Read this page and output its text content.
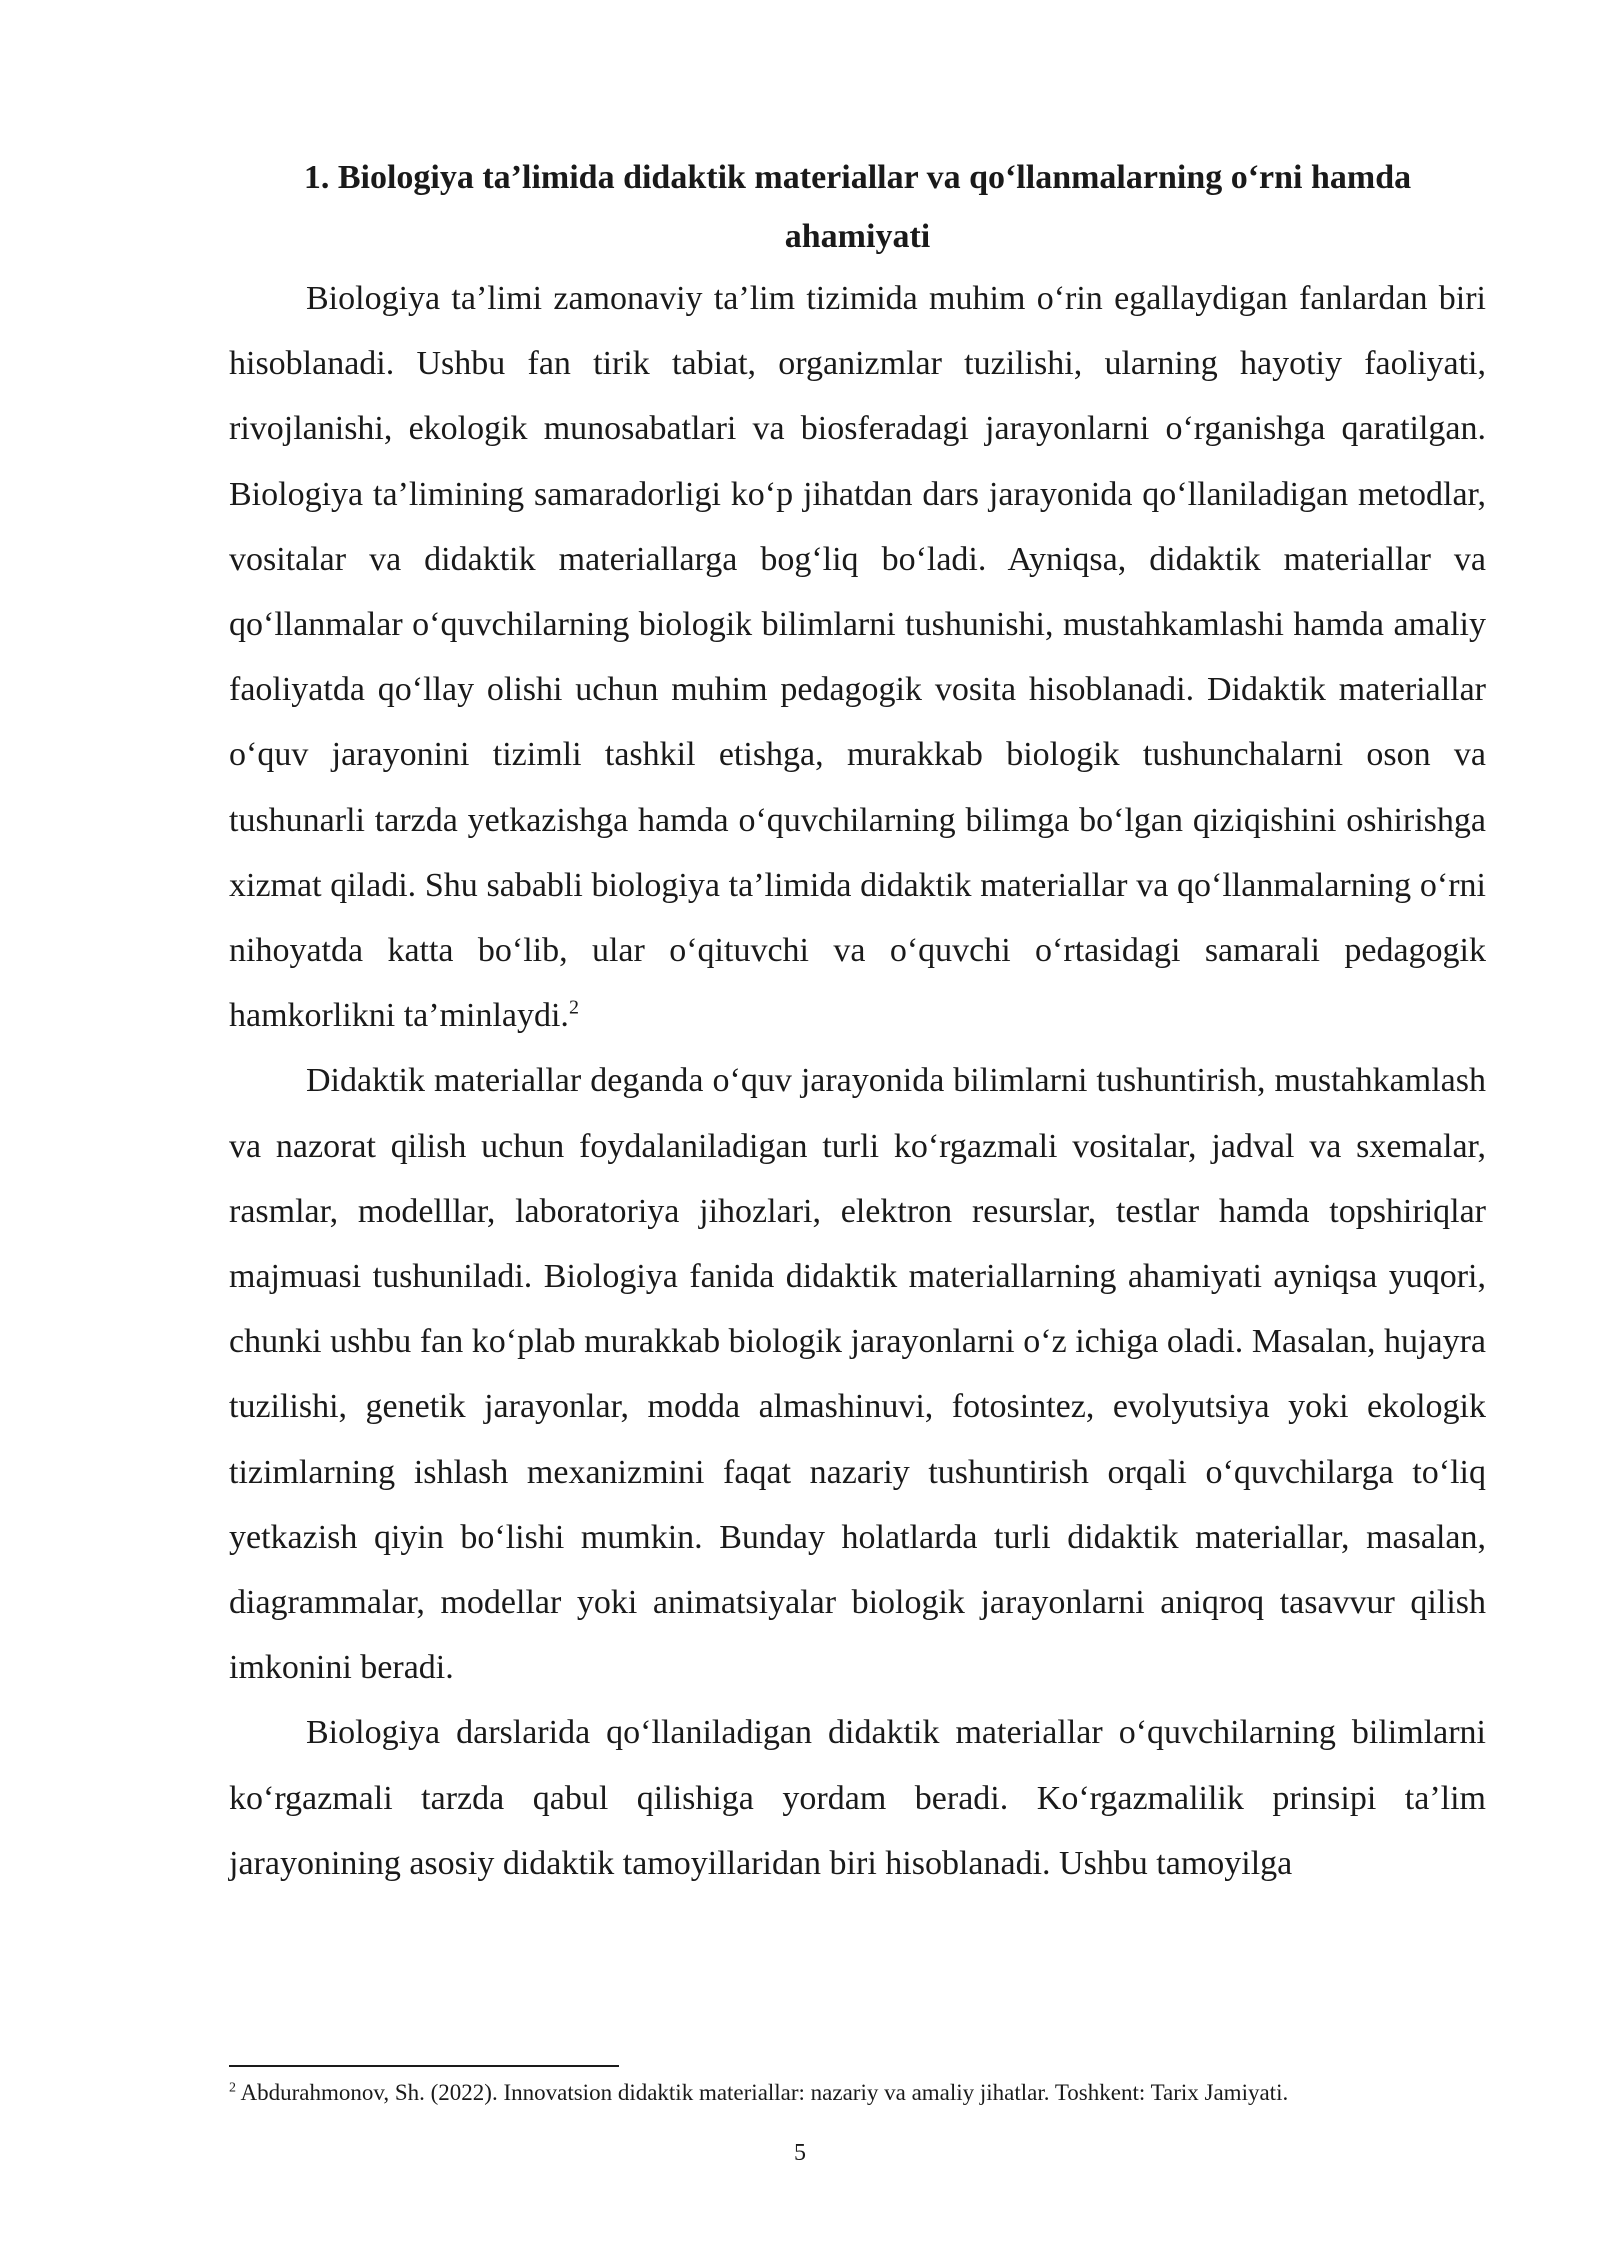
1. Biologiya ta’limida didaktik materiallar va qo‘llanmalarning o‘rni hamda
ahamiyati

Biologiya ta’limi zamonaviy ta’lim tizimida muhim o‘rin egallaydigan fanlardan biri hisoblanadi. Ushbu fan tirik tabiat, organizmlar tuzilishi, ularning hayotiy faoliyati, rivojlanishi, ekologik munosabatlari va biosferadagi jarayonlarni o‘rganishga qaratilgan. Biologiya ta’limining samaradorligi ko‘p jihatdan dars jarayonida qo‘llaniladigan metodlar, vositalar va didaktik materiallarga bog‘liq bo‘ladi. Ayniqsa, didaktik materiallar va qo‘llanmalar o‘quvchilarning biologik bilimlarni tushunishi, mustahkamlashi hamda amaliy faoliyatda qo‘llay olishi uchun muhim pedagogik vosita hisoblanadi. Didaktik materiallar o‘quv jarayonini tizimli tashkil etishga, murakkab biologik tushunchalarni oson va tushunarli tarzda yetkazishga hamda o‘quvchilarning bilimga bo‘lgan qiziqishini oshirishga xizmat qiladi. Shu sababli biologiya ta’limida didaktik materiallar va qo‘llanmalarning o‘rni nihoyatda katta bo‘lib, ular o‘qituvchi va o‘quvchi o‘rtasidagi samarali pedagogik hamkorlikni ta’minlaydi.$^2$

Didaktik materiallar deganda o‘quv jarayonida bilimlarni tushuntirish, mustahkamlash va nazorat qilish uchun foydalaniladigan turli ko‘rgazmali vositalar, jadval va sxemalar, rasmlar, modelllar, laboratoriya jihozlari, elektron resurslar, testlar hamda topshiriqlar majmuasi tushuniladi. Biologiya fanida didaktik materiallarning ahamiyati ayniqsa yuqori, chunki ushbu fan ko‘plab murakkab biologik jarayonlarni o‘z ichiga oladi. Masalan, hujayra tuzilishi, genetik jarayonlar, modda almashinuvi, fotosintez, evolyutsiya yoki ekologik tizimlarning ishlash mexanizmini faqat nazariy tushuntirish orqali o‘quvchilarga to‘liq yetkazish qiyin bo‘lishi mumkin. Bunday holatlarda turli didaktik materiallar, masalan, diagrammalar, modellar yoki animatsiyalar biologik jarayonlarni aniqroq tasavvur qilish imkonini beradi.

Biologiya darslarida qo‘llaniladigan didaktik materiallar o‘quvchilarning bilimlarni ko‘rgazmali tarzda qabul qilishiga yordam beradi. Ko‘rgazmalilik prinsipi ta’lim jarayonining asosiy didaktik tamoyillaridan biri hisoblanadi. Ushbu tamoyilga

$^2$ Abdurahmonov, Sh. (2022). Innovatsion didaktik materiallar: nazariy va amaliy jihatlar. Toshkent: Tarix Jamiyati.

5
